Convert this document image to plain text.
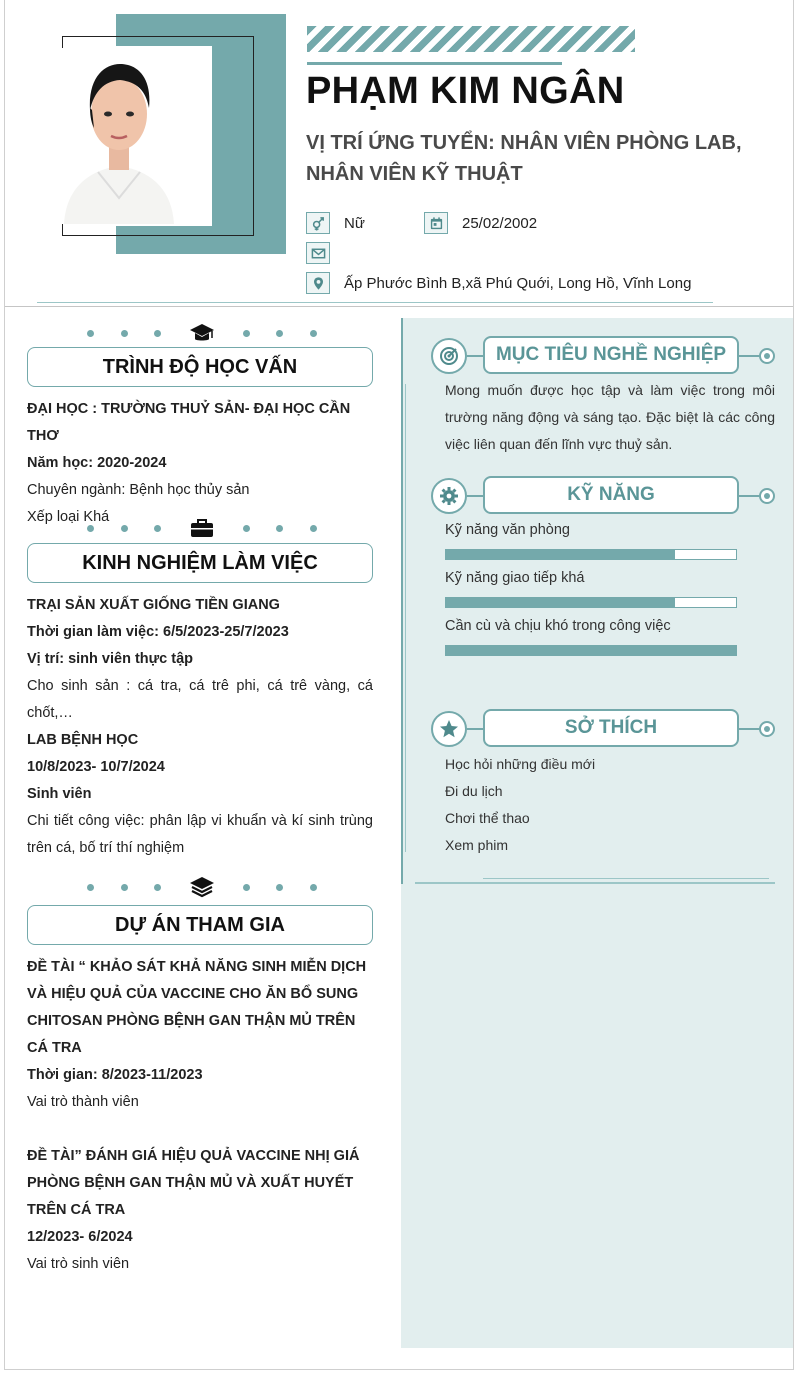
PHẠM KIM NGÂN
VỊ TRÍ ỨNG TUYỂN: NHÂN VIÊN PHÒNG LAB, NHÂN VIÊN KỸ THUẬT
Nữ	25/02/2002
Ấp Phước Bình B,xã Phú Quới, Long Hồ, Vĩnh Long
TRÌNH ĐỘ HỌC VẤN
ĐẠI HỌC : TRƯỜNG THUỶ SẢN- ĐẠI HỌC CẦN THƠ
Năm học: 2020-2024
Chuyên ngành: Bệnh học thủy sản
Xếp loại Khá
KINH NGHIỆM LÀM VIỆC
TRẠI SẢN XUẤT GIỐNG TIỀN GIANG
Thời gian làm việc: 6/5/2023-25/7/2023
Vị trí: sinh viên thực tập
Cho sinh sản : cá tra, cá trê phi, cá trê vàng, cá chốt,…
LAB BỆNH HỌC
10/8/2023- 10/7/2024
Sinh viên
Chi tiết công việc: phân lập vi khuẩn và kí sinh trùng trên cá, bố trí thí nghiệm
DỰ ÁN THAM GIA
ĐỀ TÀI “ KHẢO SÁT KHẢ NĂNG SINH MIỄN DỊCH VÀ HIỆU QUẢ CỦA VACCINE CHO ĂN BỔ SUNG CHITOSAN PHÒNG BỆNH GAN THẬN MỦ TRÊN CÁ TRA
Thời gian: 8/2023-11/2023
Vai trò thành viên
ĐỀ TÀI” ĐÁNH GIÁ HIỆU QUẢ VACCINE NHỊ GIÁ PHÒNG BỆNH GAN THẬN MỦ VÀ XUẤT HUYẾT TRÊN CÁ TRA
12/2023- 6/2024
Vai trò sinh viên
MỤC TIÊU NGHỀ NGHIỆP
Mong muốn được học tập và làm việc trong môi trường năng động và sáng tạo. Đặc biệt là các công việc liên quan đến lĩnh vực thuỷ sản.
KỸ NĂNG
Kỹ năng văn phòng
Kỹ năng giao tiếp khá
Cần cù và chịu khó trong công việc
SỞ THÍCH
Học hỏi những điều mới
Đi du lịch
Chơi thể thao
Xem phim
